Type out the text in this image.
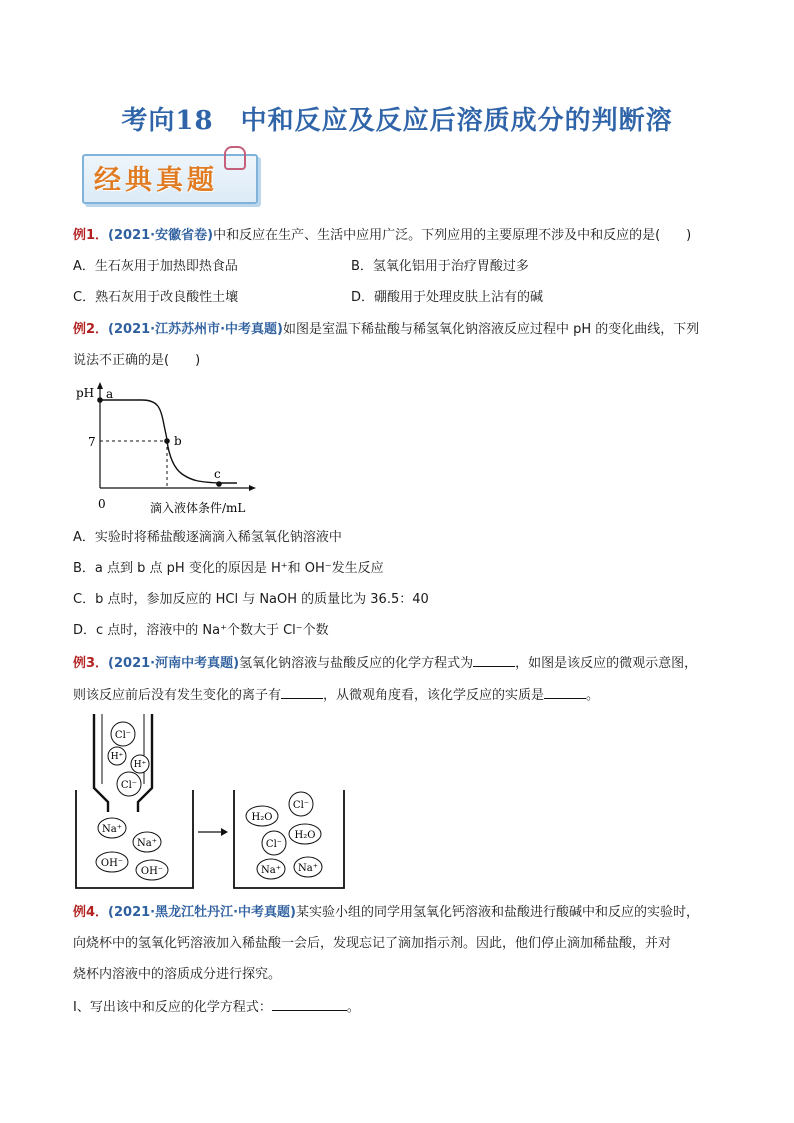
考向18　中和反应及反应后溶质成分的判断溶
经典真题
例1．(2021·安徽省卷)中和反应在生产、生活中应用广泛。下列应用的主要原理不涉及中和反应的是(　　)
A．生石灰用于加热即热食品	B．氢氧化铝用于治疗胃酸过多
C．熟石灰用于改良酸性土壤	D．硼酸用于处理皮肤上沾有的碱
例2．(2021·江苏苏州市·中考真题)如图是室温下稀盐酸与稀氢氧化钠溶液反应过程中 pH 的变化曲线，下列
说法不正确的是(　　)
pH a
b
c
7
0	滴入液体条件/mL
A．实验时将稀盐酸逐滴滴入稀氢氧化钠溶液中
B．a 点到 b 点 pH 变化的原因是 H⁺和 OH⁻发生反应
C．b 点时，参加反应的 HCl 与 NaOH 的质量比为 36.5：40
D．c 点时，溶液中的 Na⁺个数大于 Cl⁻个数
例3．(2021·河南中考真题)氢氧化钠溶液与盐酸反应的化学方程式为	，如图是该反应的微观示意图，
则该反应前后没有发生变化的离子有	，从微观角度看，该化学反应的实质是	。
Cl⁻
H⁺
H⁺
Cl⁻
Na⁺
Na⁺
OH⁻
OH⁻
H₂O
Cl⁻
H₂O
Cl⁻
Na⁺ Na⁺
例4．(2021·黑龙江牡丹江·中考真题)某实验小组的同学用氢氧化钙溶液和盐酸进行酸碱中和反应的实验时，
向烧杯中的氢氧化钙溶液加入稀盐酸一会后，发现忘记了滴加指示剂。因此，他们停止滴加稀盐酸，并对
烧杯内溶液中的溶质成分进行探究。
Ⅰ、写出该中和反应的化学方程式：	。
